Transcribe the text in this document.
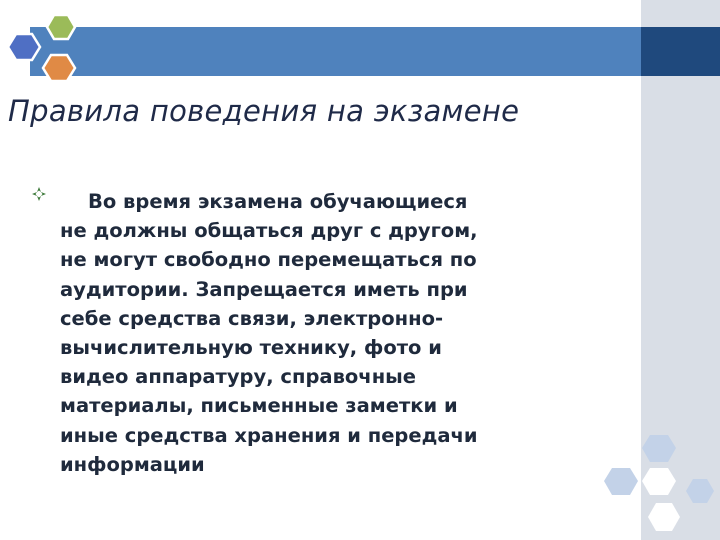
Правила поведения на экзамене

Во время экзамена обучающиеся
не должны общаться друг с другом,
не могут свободно перемещаться по
аудитории. Запрещается иметь при
себе средства связи, электронно-
вычислительную технику, фото и
видео аппаратуру, справочные
материалы, письменные заметки и
иные средства хранения и передачи
информации
